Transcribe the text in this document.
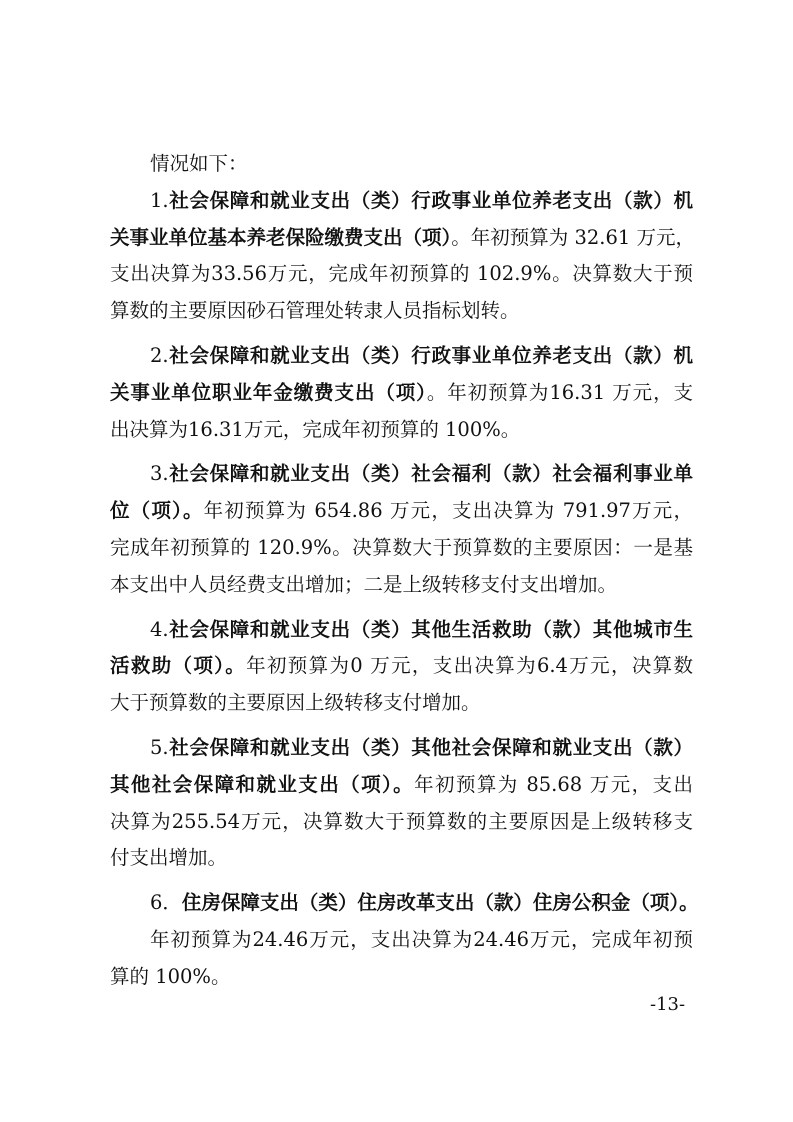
情况如下：
1.社会保障和就业支出（类）行政事业单位养老支出（款）机
关事业单位基本养老保险缴费支出（项）。年初预算为 32.61 万元，
支出决算为33.56万元，完成年初预算的 102.9%。决算数大于预
算数的主要原因砂石管理处转隶人员指标划转。
2.社会保障和就业支出（类）行政事业单位养老支出（款）机
关事业单位职业年金缴费支出（项）。年初预算为16.31 万元，支
出决算为16.31万元，完成年初预算的 100%。
3.社会保障和就业支出（类）社会福利（款）社会福利事业单
位（项）。年初预算为 654.86 万元，支出决算为 791.97万元，
完成年初预算的 120.9%。决算数大于预算数的主要原因：一是基
本支出中人员经费支出增加；二是上级转移支付支出增加。
4.社会保障和就业支出（类）其他生活救助（款）其他城市生
活救助（项）。年初预算为0 万元，支出决算为6.4万元，决算数
大于预算数的主要原因上级转移支付增加。
5.社会保障和就业支出（类）其他社会保障和就业支出（款）
其他社会保障和就业支出（项）。年初预算为 85.68 万元，支出
决算为255.54万元，决算数大于预算数的主要原因是上级转移支
付支出增加。
6．住房保障支出（类）住房改革支出（款）住房公积金（项）。
年初预算为24.46万元，支出决算为24.46万元，完成年初预
算的 100%。
-13-
